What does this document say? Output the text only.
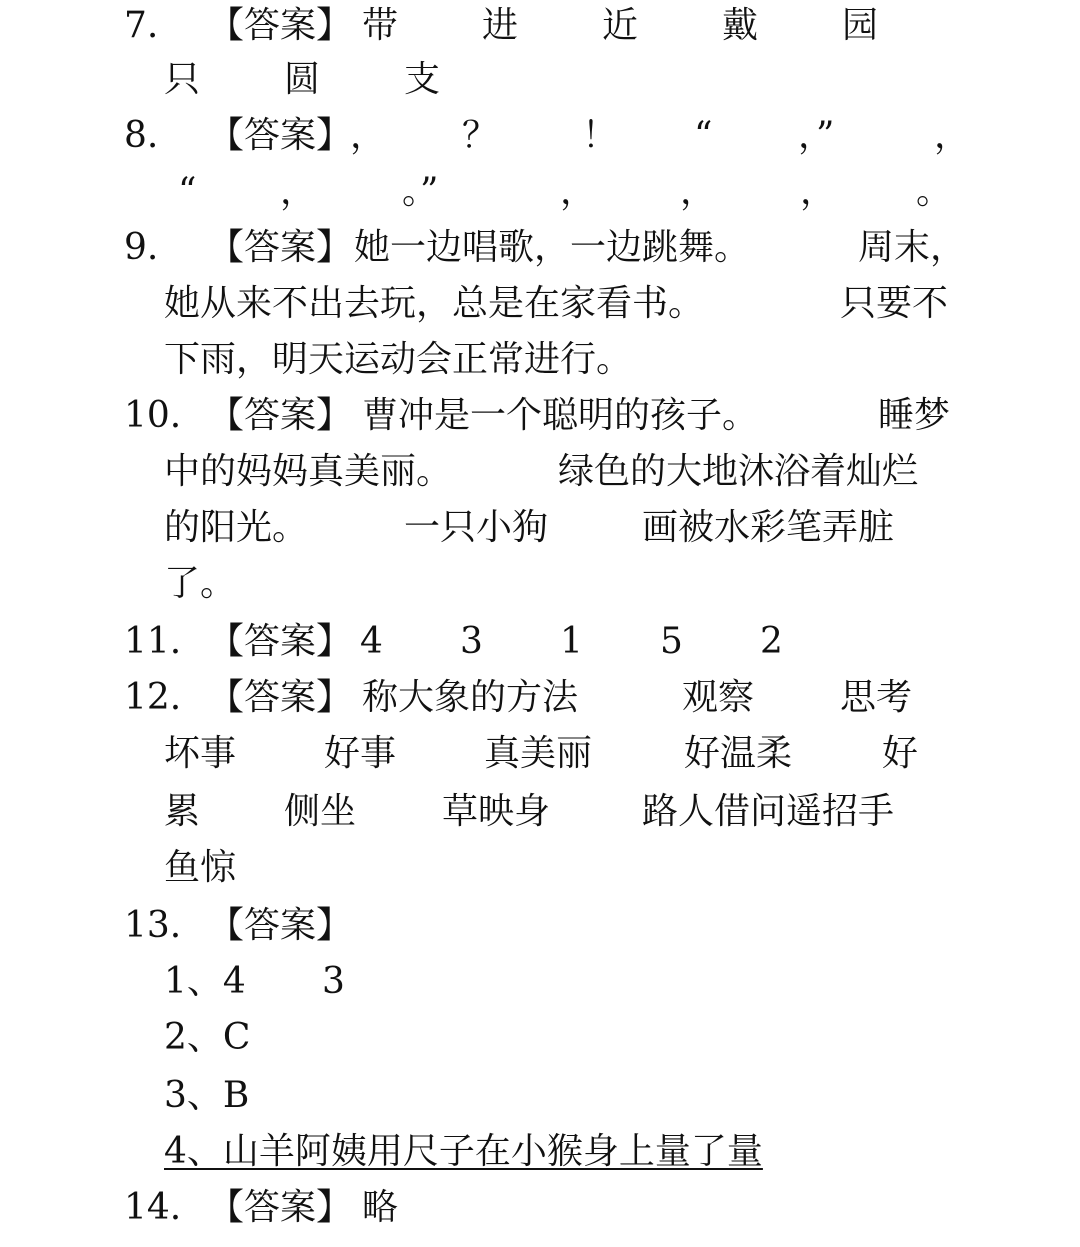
7. 【答案】 带 进 近 戴 园
只 圆 支
8. 【答案】
， ？ ！ “ ，”	，
“ ， 。”	， ， ， 。
9. 【答案】 她一边唱歌，一边跳舞。	周末，
她从来不出去玩，总是在家看书。	只要不
下雨，明天运动会正常进行。
10. 【答案】 曹冲是一个聪明的孩子。	睡梦
中的妈妈真美丽。	绿色的大地沐浴着灿烂
的阳光。	一只小狗	画被水彩笔弄脏
了。
11. 【答案】 4 3 1 5 2
12. 【答案】 称大象的方法	观察 思考
坏事 好事 真美丽	好温柔 好
累 侧坐 草映身	路人借问遥招手
鱼惊
13. 【答案】
1、4 3
2、C
3、B
4、山羊阿姨用尺子在小猴身上量了量
14. 【答案】 略
